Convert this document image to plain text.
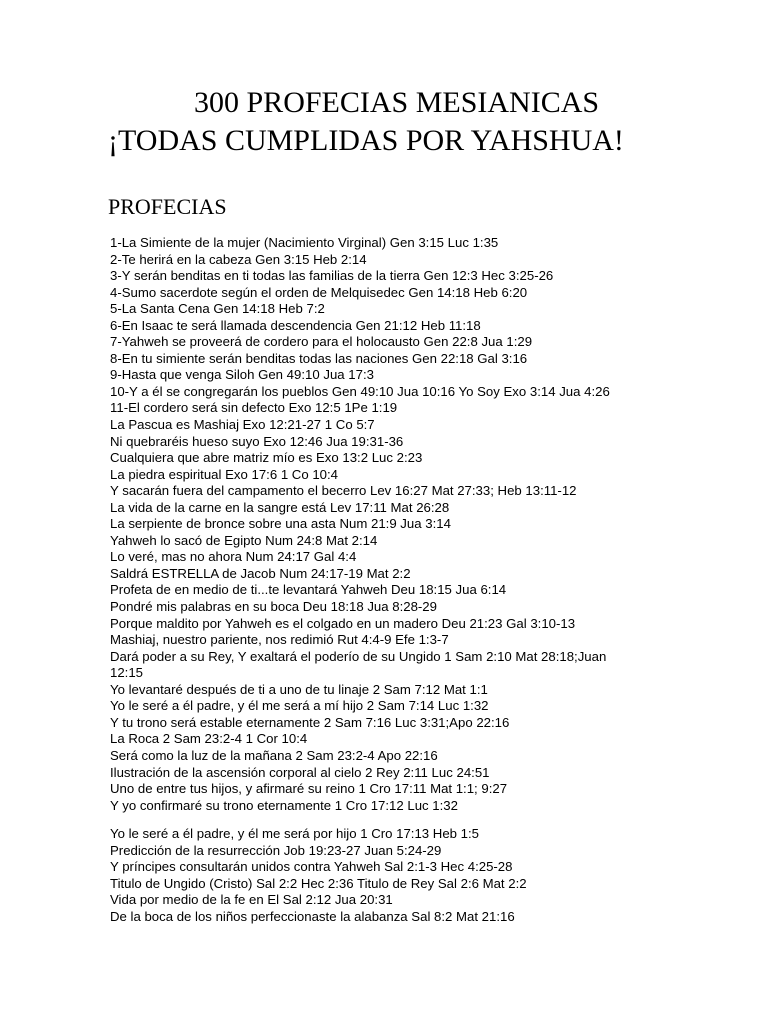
300 PROFECIAS MESIANICAS
¡TODAS CUMPLIDAS POR YAHSHUA!
PROFECIAS
1-La Simiente de la mujer (Nacimiento Virginal) Gen 3:15 Luc 1:35
2-Te herirá en la cabeza Gen 3:15 Heb 2:14
3-Y serán benditas en ti todas las familias de la tierra Gen 12:3 Hec 3:25-26
4-Sumo sacerdote según el orden de Melquisedec Gen 14:18 Heb 6:20
5-La Santa Cena Gen 14:18 Heb 7:2
6-En Isaac te será llamada descendencia Gen 21:12 Heb 11:18
7-Yahweh se proveerá de cordero para el holocausto Gen 22:8 Jua 1:29
8-En tu simiente serán benditas todas las naciones Gen 22:18 Gal 3:16
9-Hasta que venga Siloh Gen 49:10 Jua 17:3
10-Y a él se congregarán los pueblos Gen 49:10 Jua 10:16 Yo Soy Exo 3:14 Jua 4:26
11-El cordero será sin defecto Exo 12:5 1Pe 1:19
La Pascua es Mashiaj Exo 12:21-27 1 Co 5:7
Ni quebraréis hueso suyo Exo 12:46 Jua 19:31-36
Cualquiera que abre matriz mío es Exo 13:2 Luc 2:23
La piedra espiritual Exo 17:6 1 Co 10:4
Y sacarán fuera del campamento el becerro Lev 16:27 Mat 27:33; Heb 13:11-12
La vida de la carne en la sangre está Lev 17:11 Mat 26:28
La serpiente de bronce sobre una asta Num 21:9 Jua 3:14
Yahweh lo sacó de Egipto Num 24:8 Mat 2:14
Lo veré, mas no ahora Num 24:17 Gal 4:4
Saldrá ESTRELLA de Jacob Num 24:17-19 Mat 2:2
Profeta de en medio de ti...te levantará Yahweh Deu 18:15 Jua 6:14
Pondré mis palabras en su boca Deu 18:18 Jua 8:28-29
Porque maldito por Yahweh es el colgado en un madero Deu 21:23 Gal 3:10-13
Mashiaj, nuestro pariente, nos redimió Rut 4:4-9 Efe 1:3-7
Dará poder a su Rey, Y exaltará el poderío de su Ungido 1 Sam 2:10 Mat 28:18;Juan
12:15
Yo levantaré después de ti a uno de tu linaje 2 Sam 7:12 Mat 1:1
Yo le seré a él padre, y él me será a mí hijo 2 Sam 7:14 Luc 1:32
Y tu trono será estable eternamente 2 Sam 7:16 Luc 3:31;Apo 22:16
La Roca 2 Sam 23:2-4 1 Cor 10:4
Será como la luz de la mañana 2 Sam 23:2-4 Apo 22:16
Ilustración de la ascensión corporal al cielo 2 Rey 2:11 Luc 24:51
Uno de entre tus hijos, y afirmaré su reino 1 Cro 17:11 Mat 1:1; 9:27
Y yo confirmaré su trono eternamente 1 Cro 17:12 Luc 1:32
Yo le seré a él padre, y él me será por hijo 1 Cro 17:13 Heb 1:5
Predicción de la resurrección Job 19:23-27 Juan 5:24-29
Y príncipes consultarán unidos contra Yahweh Sal 2:1-3 Hec 4:25-28
Titulo de Ungido (Cristo) Sal 2:2 Hec 2:36 Titulo de Rey Sal 2:6 Mat 2:2
Vida por medio de la fe en El Sal 2:12 Jua 20:31
De la boca de los niños perfeccionaste la alabanza Sal 8:2 Mat 21:16
